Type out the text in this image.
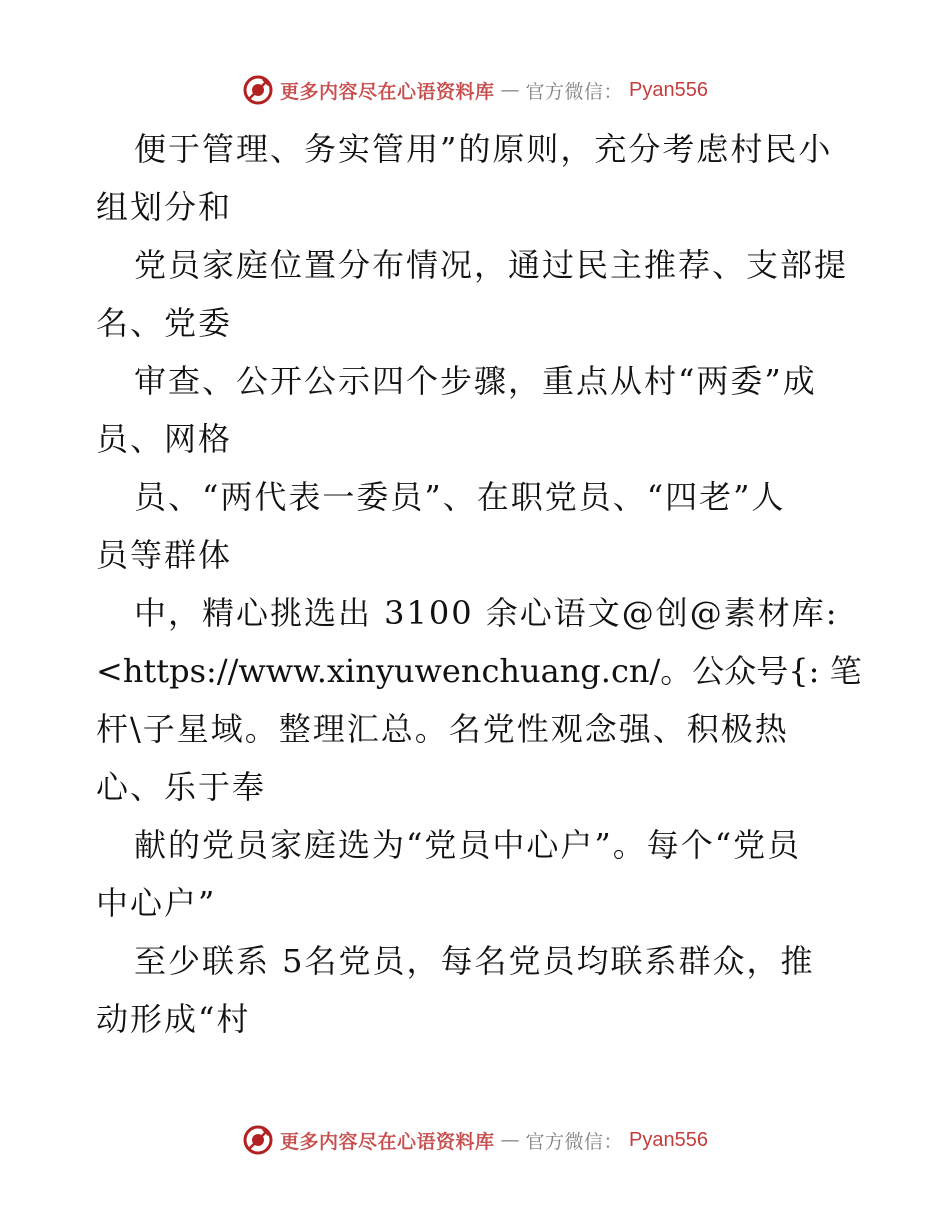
更多内容尽在心语资料库 — 官方微信： Pyan556
便于管理、务实管用”的原则，充分考虑村民小
组划分和
党员家庭位置分布情况，通过民主推荐、支部提
名、党委
审查、公开公示四个步骤，重点从村“两委”成
员、网格
员、“两代表一委员”、在职党员、“四老”人
员等群体
中，精心挑选出 3100 余心语文@创@素材库:
<https://www.xinyuwenchuang.cn/。公众号{: 笔
杆\子星域。整理汇总。名党性观念强、积极热
心、乐于奉
献的党员家庭选为“党员中心户”。每个“党员
中心户”
至少联系 5名党员，每名党员均联系群众，推
动形成“村
更多内容尽在心语资料库 — 官方微信： Pyan556
